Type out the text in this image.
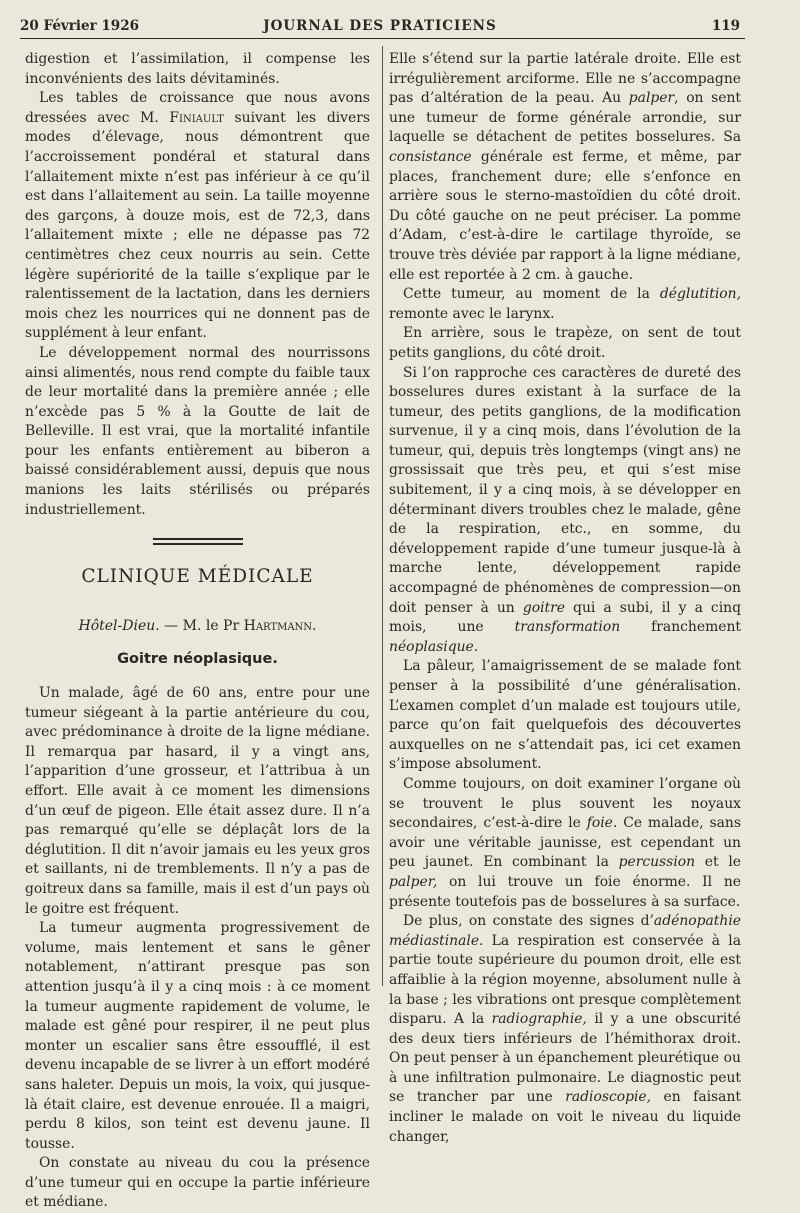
20 Février 1926	JOURNAL DES PRATICIENS	119

digestion et l’assimilation, il compense les inconvénients des laits dévitaminés.

Les tables de croissance que nous avons dressées avec M. Finiault suivant les divers modes d’élevage, nous démontrent que l’accroissement pondéral et statural dans l’allaitement mixte n’est pas inférieur à ce qu’il est dans l’allaitement au sein. La taille moyenne des garçons, à douze mois, est de 72,3, dans l’allaitement mixte ; elle ne dépasse pas 72 centimètres chez ceux nourris au sein. Cette légère supériorité de la taille s’explique par le ralentissement de la lactation, dans les derniers mois chez les nourrices qui ne donnent pas de supplément à leur enfant.

Le développement normal des nourrissons ainsi alimentés, nous rend compte du faible taux de leur mortalité dans la première année ; elle n’excède pas 5 % à la Goutte de lait de Belleville. Il est vrai, que la mortalité infantile pour les enfants entièrement au biberon a baissé considérablement aussi, depuis que nous manions les laits stérilisés ou préparés industriellement.

CLINIQUE MÉDICALE
Hôtel-Dieu. — M. le Pr Hartmann.
Goitre néoplasique.

Un malade, âgé de 60 ans, entre pour une tumeur siégeant à la partie antérieure du cou, avec prédominance à droite de la ligne médiane. Il remarqua par hasard, il y a vingt ans, l’apparition d’une grosseur, et l’attribua à un effort. Elle avait à ce moment les dimensions d’un œuf de pigeon. Elle était assez dure. Il n’a pas remarqué qu’elle se déplaçât lors de la déglutition. Il dit n’avoir jamais eu les yeux gros et saillants, ni de tremblements. Il n’y a pas de goitreux dans sa famille, mais il est d’un pays où le goitre est fréquent.

La tumeur augmenta progressivement de volume, mais lentement et sans le gêner notablement, n’attirant presque pas son attention jusqu’à il y a cinq mois : à ce moment la tumeur augmente rapidement de volume, le malade est gêné pour respirer, il ne peut plus monter un escalier sans être essoufflé, il est devenu incapable de se livrer à un effort modéré sans haleter. Depuis un mois, la voix, qui jusque-là était claire, est devenue enrouée. Il a maigri, perdu 8 kilos, son teint est devenu jaune. Il tousse.

On constate au niveau du cou la présence d’une tumeur qui en occupe la partie inférieure et médiane.

Elle s’étend sur la partie latérale droite. Elle est irrégulièrement arciforme. Elle ne s’accompagne pas d’altération de la peau. Au palper, on sent une tumeur de forme générale arrondie, sur laquelle se détachent de petites bosselures. Sa consistance générale est ferme, et même, par places, franchement dure; elle s’enfonce en arrière sous le sterno-mastoïdien du côté droit. Du côté gauche on ne peut préciser. La pomme d’Adam, c’est-à-dire le cartilage thyroïde, se trouve très déviée par rapport à la ligne médiane, elle est reportée à 2 cm. à gauche.

Cette tumeur, au moment de la déglutition, remonte avec le larynx.

En arrière, sous le trapèze, on sent de tout petits ganglions, du côté droit.

Si l’on rapproche ces caractères de dureté des bosselures dures existant à la surface de la tumeur, des petits ganglions, de la modification survenue, il y a cinq mois, dans l’évolution de la tumeur, qui, depuis très longtemps (vingt ans) ne grossissait que très peu, et qui s’est mise subitement, il y a cinq mois, à se développer en déterminant divers troubles chez le malade, gêne de la respiration, etc., en somme, du développement rapide d’une tumeur jusque-là à marche lente, développement rapide accompagné de phénomènes de compression—on doit penser à un goitre qui a subi, il y a cinq mois, une transformation franchement néoplasique.

La pâleur, l’amaigrissement de se malade font penser à la possibilité d’une généralisation. L’examen complet d’un malade est toujours utile, parce qu’on fait quelquefois des découvertes auxquelles on ne s’attendait pas, ici cet examen s’impose absolument.

Comme toujours, on doit examiner l’organe où se trouvent le plus souvent les noyaux secondaires, c’est-à-dire le foie. Ce malade, sans avoir une véritable jaunisse, est cependant un peu jaunet. En combinant la percussion et le palper, on lui trouve un foie énorme. Il ne présente toutefois pas de bosselures à sa surface.

De plus, on constate des signes d’adénopathie médiastinale. La respiration est conservée à la partie toute supérieure du poumon droit, elle est affaiblie à la région moyenne, absolument nulle à la base ; les vibrations ont presque complètement disparu. A la radiographie, il y a une obscurité des deux tiers inférieurs de l’hémithorax droit. On peut penser à un épanchement pleurétique ou à une infiltration pulmonaire. Le diagnostic peut se trancher par une radioscopie, en faisant incliner le malade on voit le niveau du liquide changer,
